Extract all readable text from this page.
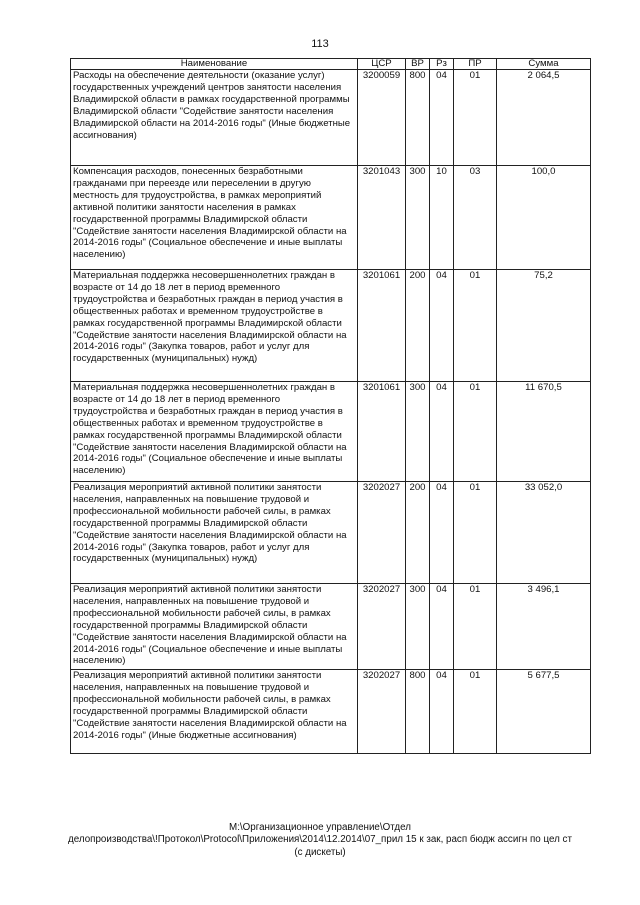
113
Наименование	ЦСР	ВР	Рз	ПР	Сумма
Расходы на обеспечение деятельности (оказание услуг) государственных учреждений центров занятости населения Владимирской области в рамках государственной программы Владимирской области "Содействие занятости населения Владимирской области на 2014-2016 годы" (Иные бюджетные ассигнования)	3200059	800	04	01	2 064,5
Компенсация расходов, понесенных безработными гражданами при переезде или переселении в другую местность для трудоустройства, в рамках мероприятий активной политики занятости населения в рамках государственной программы Владимирской области "Содействие занятости населения Владимирской области на 2014-2016 годы" (Социальное обеспечение и иные выплаты населению)	3201043	300	10	03	100,0
Материальная поддержка несовершеннолетних граждан в возрасте от 14 до 18 лет в период временного трудоустройства и безработных граждан в период участия в общественных работах и временном трудоустройстве в рамках государственной программы Владимирской области "Содействие занятости населения Владимирской области на 2014-2016 годы" (Закупка товаров, работ и услуг для государственных (муниципальных) нужд)	3201061	200	04	01	75,2
Материальная поддержка несовершеннолетних граждан в возрасте от 14 до 18 лет в период временного трудоустройства и безработных граждан в период участия в общественных работах и временном трудоустройстве в рамках государственной программы Владимирской области "Содействие занятости населения Владимирской области на 2014-2016 годы" (Социальное обеспечение и иные выплаты населению)	3201061	300	04	01	11 670,5
Реализация мероприятий активной политики занятости населения, направленных на повышение трудовой и профессиональной мобильности рабочей силы, в рамках государственной программы Владимирской области "Содействие занятости населения Владимирской области на 2014-2016 годы" (Закупка товаров, работ и услуг для государственных (муниципальных) нужд)	3202027	200	04	01	33 052,0
Реализация мероприятий активной политики занятости населения, направленных на повышение трудовой и профессиональной мобильности рабочей силы, в рамках государственной программы Владимирской области "Содействие занятости населения Владимирской области на 2014-2016 годы" (Социальное обеспечение и иные выплаты населению)	3202027	300	04	01	3 496,1
Реализация мероприятий активной политики занятости населения, направленных на повышение трудовой и профессиональной мобильности рабочей силы, в рамках государственной программы Владимирской области "Содействие занятости населения Владимирской области на 2014-2016 годы" (Иные бюджетные ассигнования)	3202027	800	04	01	5 677,5
M:\Организационное управление\Отдел
делопроизводства\!Протокол\Protocol\Приложения\2014\12.2014\07_прил 15 к зак, расп бюдж ассигн по цел ст
(с дискеты)
